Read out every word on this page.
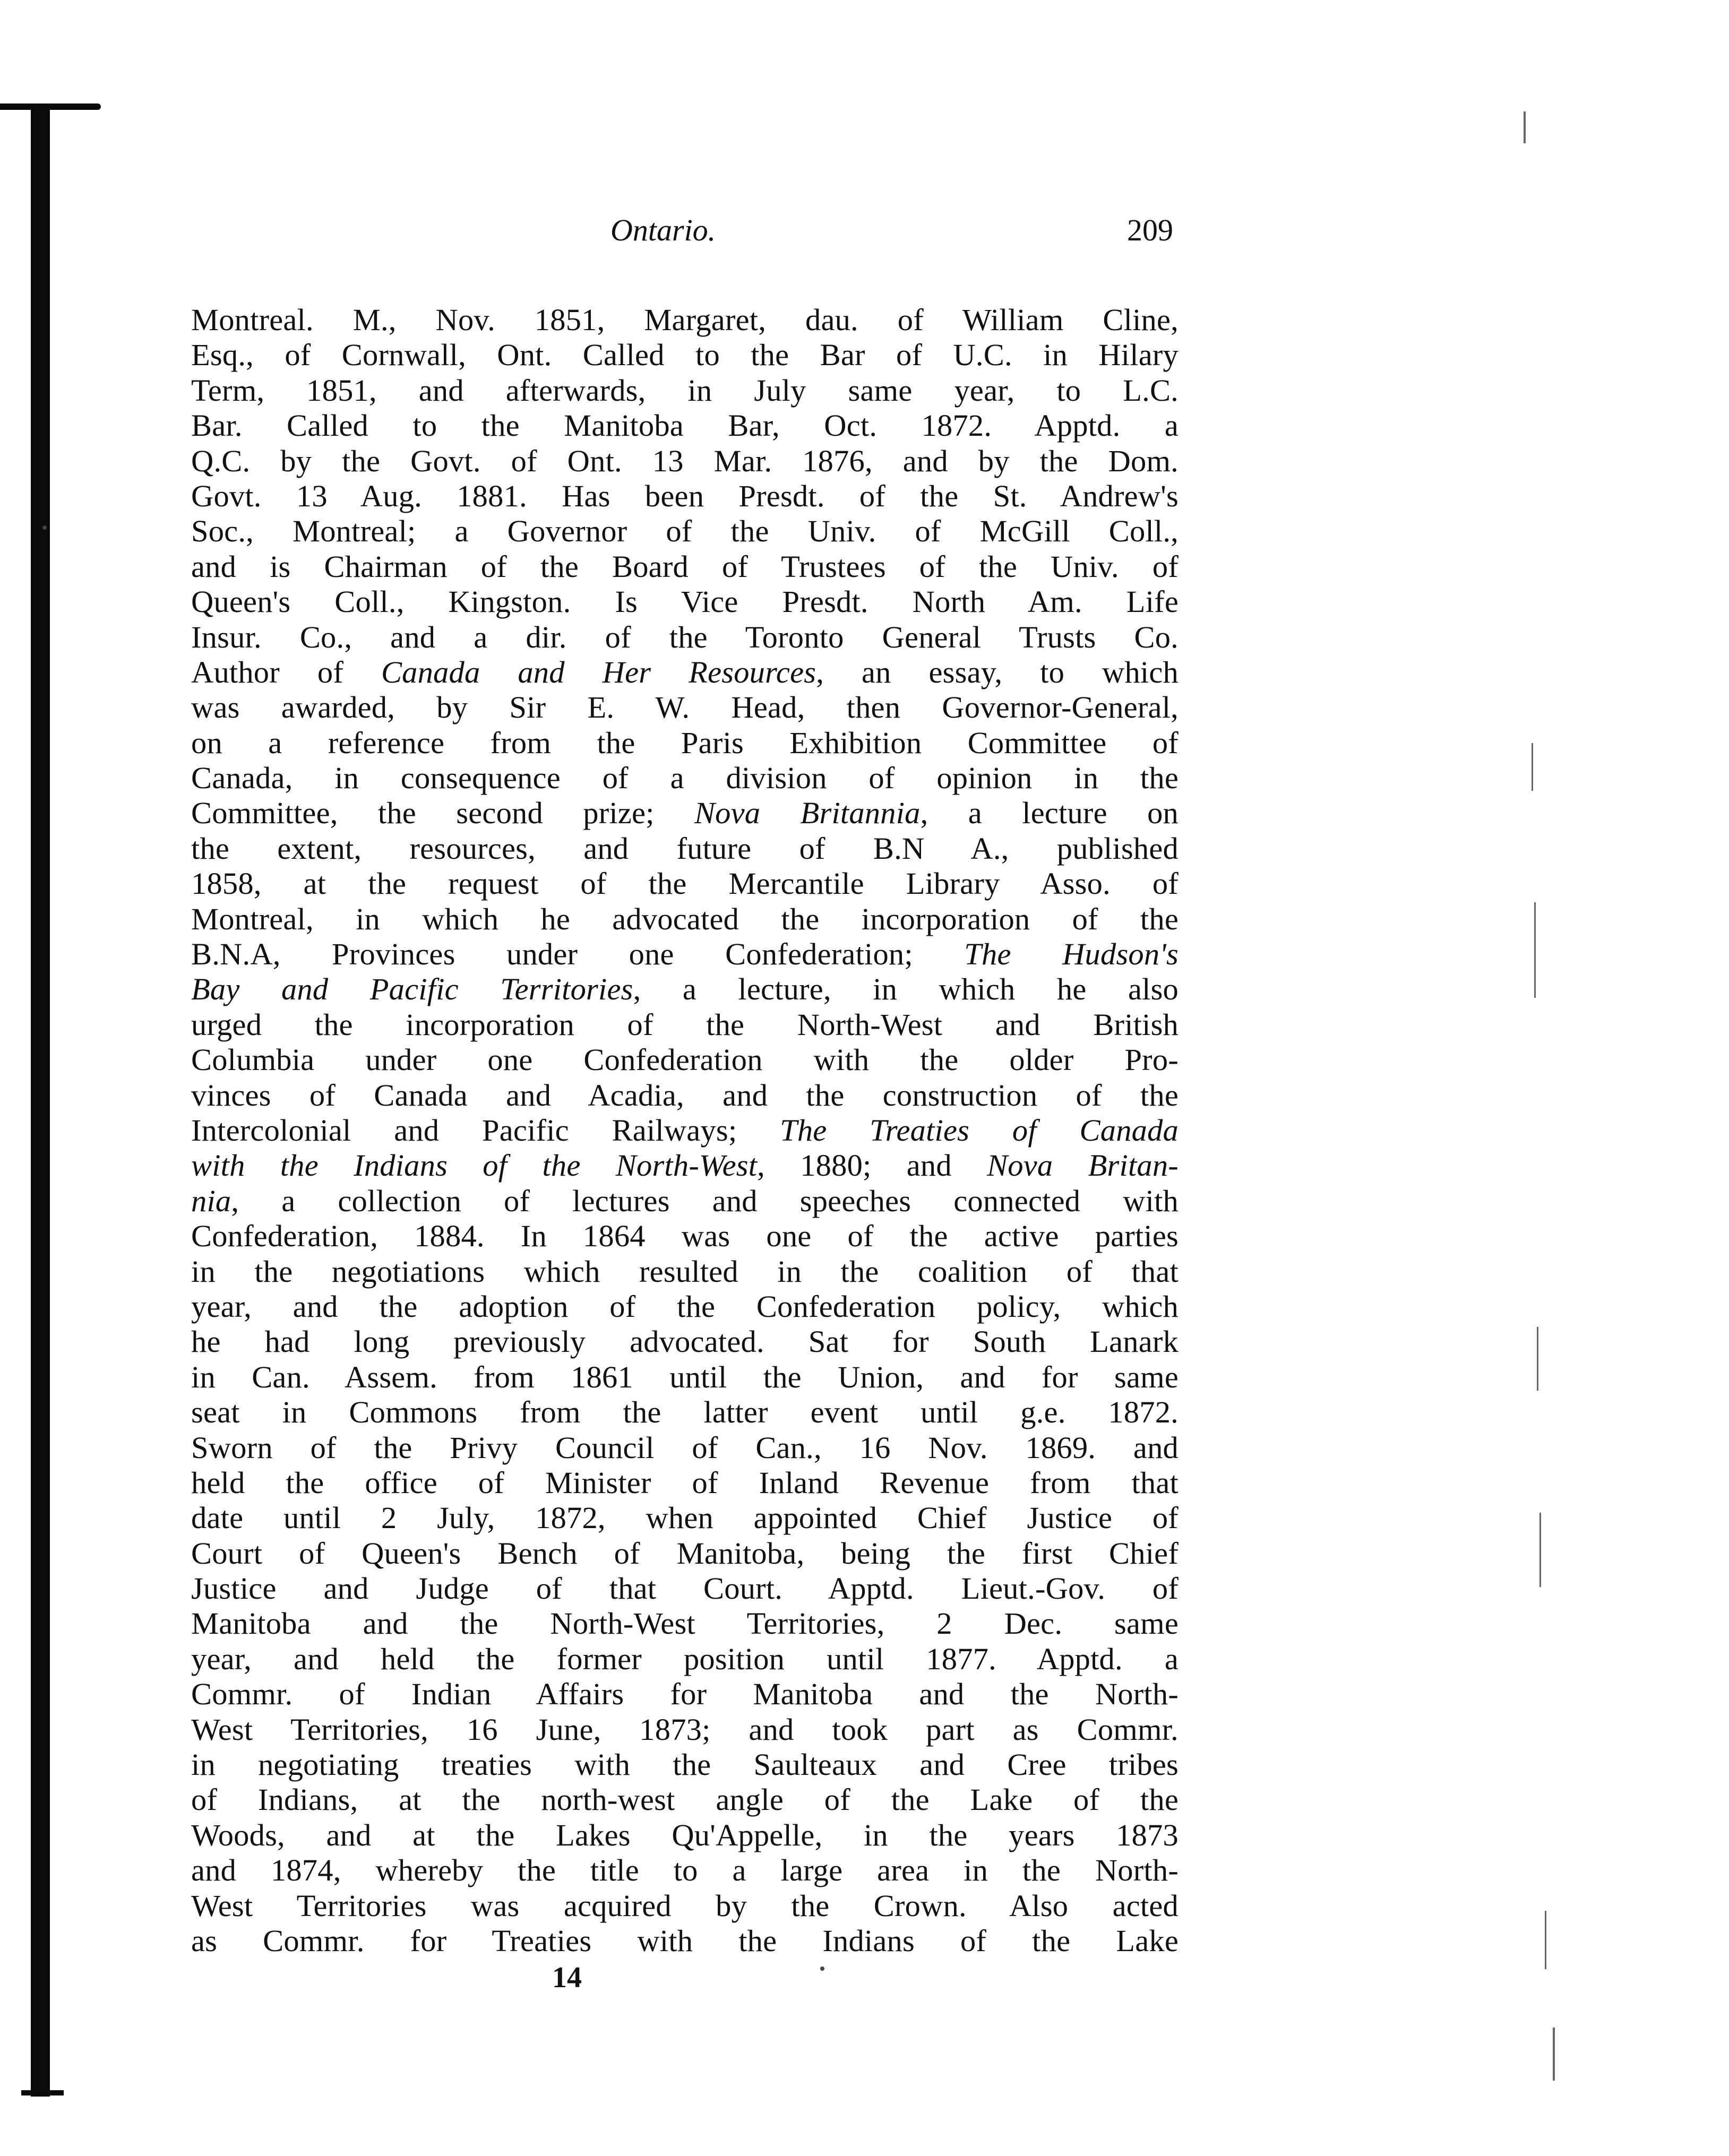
Ontario.	209
Montreal. M., Nov. 1851, Margaret, dau. of William Cline,
Esq., of Cornwall, Ont. Called to the Bar of U.C. in Hilary
Term, 1851, and afterwards, in July same year, to L.C.
Bar. Called to the Manitoba Bar, Oct. 1872. Apptd. a
Q.C. by the Govt. of Ont. 13 Mar. 1876, and by the Dom.
Govt. 13 Aug. 1881. Has been Presdt. of the St. Andrew's
Soc., Montreal; a Governor of the Univ. of McGill Coll.,
and is Chairman of the Board of Trustees of the Univ. of
Queen's Coll., Kingston. Is Vice Presdt. North Am. Life
Insur. Co., and a dir. of the Toronto General Trusts Co.
Author of Canada and Her Resources, an essay, to which
was awarded, by Sir E. W. Head, then Governor-General,
on a reference from the Paris Exhibition Committee of
Canada, in consequence of a division of opinion in the
Committee, the second prize; Nova Britannia, a lecture on
the extent, resources, and future of B.N A., published
1858, at the request of the Mercantile Library Asso. of
Montreal, in which he advocated the incorporation of the
B.N.A, Provinces under one Confederation; The Hudson's
Bay and Pacific Territories, a lecture, in which he also
urged the incorporation of the North-West and British
Columbia under one Confederation with the older Pro-
vinces of Canada and Acadia, and the construction of the
Intercolonial and Pacific Railways; The Treaties of Canada
with the Indians of the North-West, 1880; and Nova Britan-
nia, a collection of lectures and speeches connected with
Confederation, 1884. In 1864 was one of the active parties
in the negotiations which resulted in the coalition of that
year, and the adoption of the Confederation policy, which
he had long previously advocated. Sat for South Lanark
in Can. Assem. from 1861 until the Union, and for same
seat in Commons from the latter event until g.e. 1872.
Sworn of the Privy Council of Can., 16 Nov. 1869. and
held the office of Minister of Inland Revenue from that
date until 2 July, 1872, when appointed Chief Justice of
Court of Queen's Bench of Manitoba, being the first Chief
Justice and Judge of that Court. Apptd. Lieut.-Gov. of
Manitoba and the North-West Territories, 2 Dec. same
year, and held the former position until 1877. Apptd. a
Commr. of Indian Affairs for Manitoba and the North-
West Territories, 16 June, 1873; and took part as Commr.
in negotiating treaties with the Saulteaux and Cree tribes
of Indians, at the north-west angle of the Lake of the
Woods, and at the Lakes Qu'Appelle, in the years 1873
and 1874, whereby the title to a large area in the North-
West Territories was acquired by the Crown. Also acted
as Commr. for Treaties with the Indians of the Lake
14
